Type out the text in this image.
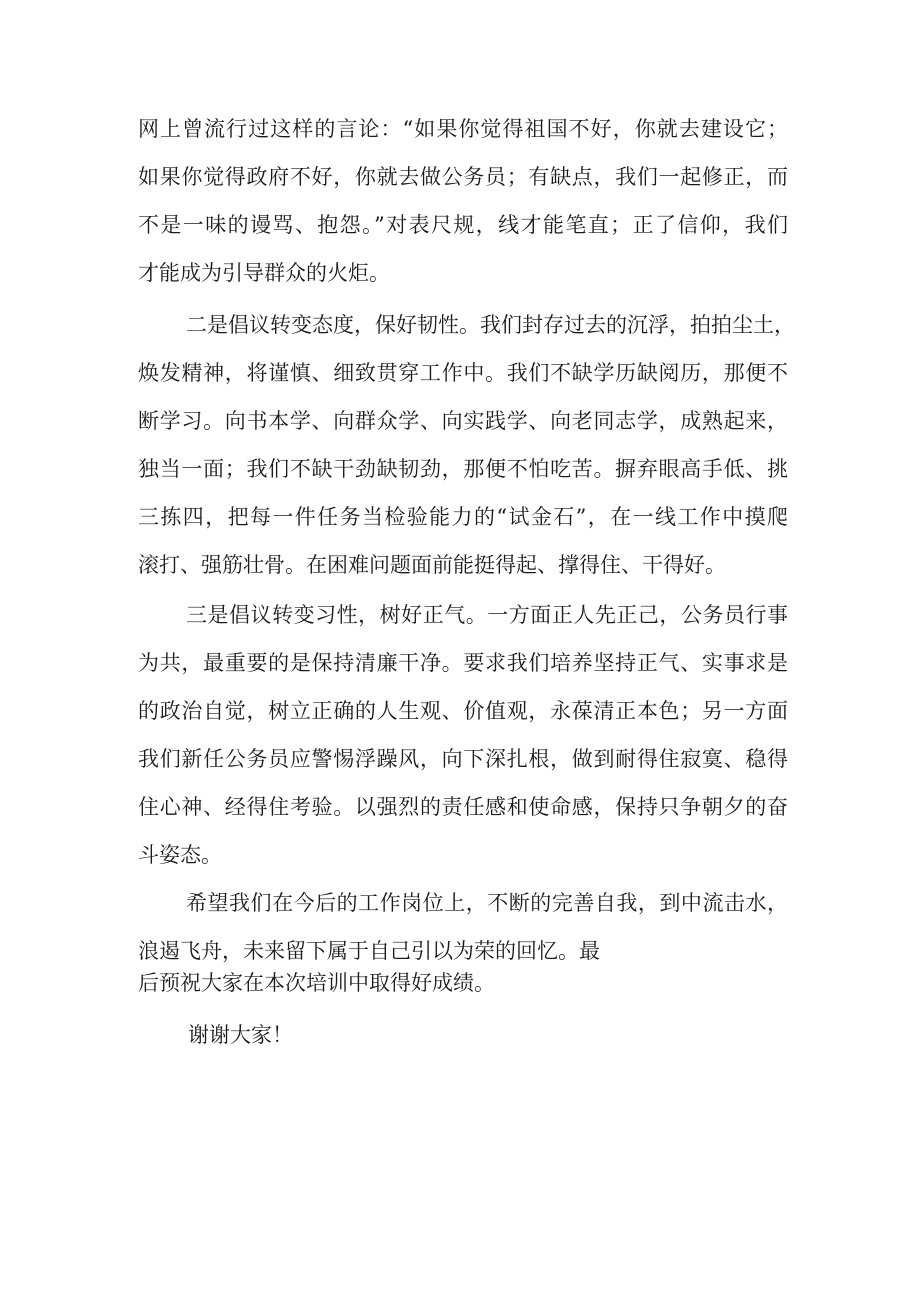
网上曾流行过这样的言论：“如果你觉得祖国不好，你就去建设它；
如果你觉得政府不好，你就去做公务员；有缺点，我们一起修正，而
不是一味的谩骂、抱怨。”对表尺规，线才能笔直；正了信仰，我们
才能成为引导群众的火炬。
二是倡议转变态度，保好韧性。我们封存过去的沉浮，拍拍尘土，
焕发精神，将谨慎、细致贯穿工作中。我们不缺学历缺阅历，那便不
断学习。向书本学、向群众学、向实践学、向老同志学，成熟起来，
独当一面；我们不缺干劲缺韧劲，那便不怕吃苦。摒弃眼高手低、挑
三拣四，把每一件任务当检验能力的“试金石”，在一线工作中摸爬
滚打、强筋壮骨。在困难问题面前能挺得起、撑得住、干得好。
三是倡议转变习性，树好正气。一方面正人先正己，公务员行事
为共，最重要的是保持清廉干净。要求我们培养坚持正气、实事求是
的政治自觉，树立正确的人生观、价值观，永葆清正本色；另一方面
我们新任公务员应警惕浮躁风，向下深扎根，做到耐得住寂寞、稳得
住心神、经得住考验。以强烈的责任感和使命感，保持只争朝夕的奋
斗姿态。
希望我们在今后的工作岗位上，不断的完善自我，到中流击水，
浪遏飞舟，未来留下属于自己引以为荣的回忆。最
后预祝大家在本次培训中取得好成绩。
谢谢大家！
